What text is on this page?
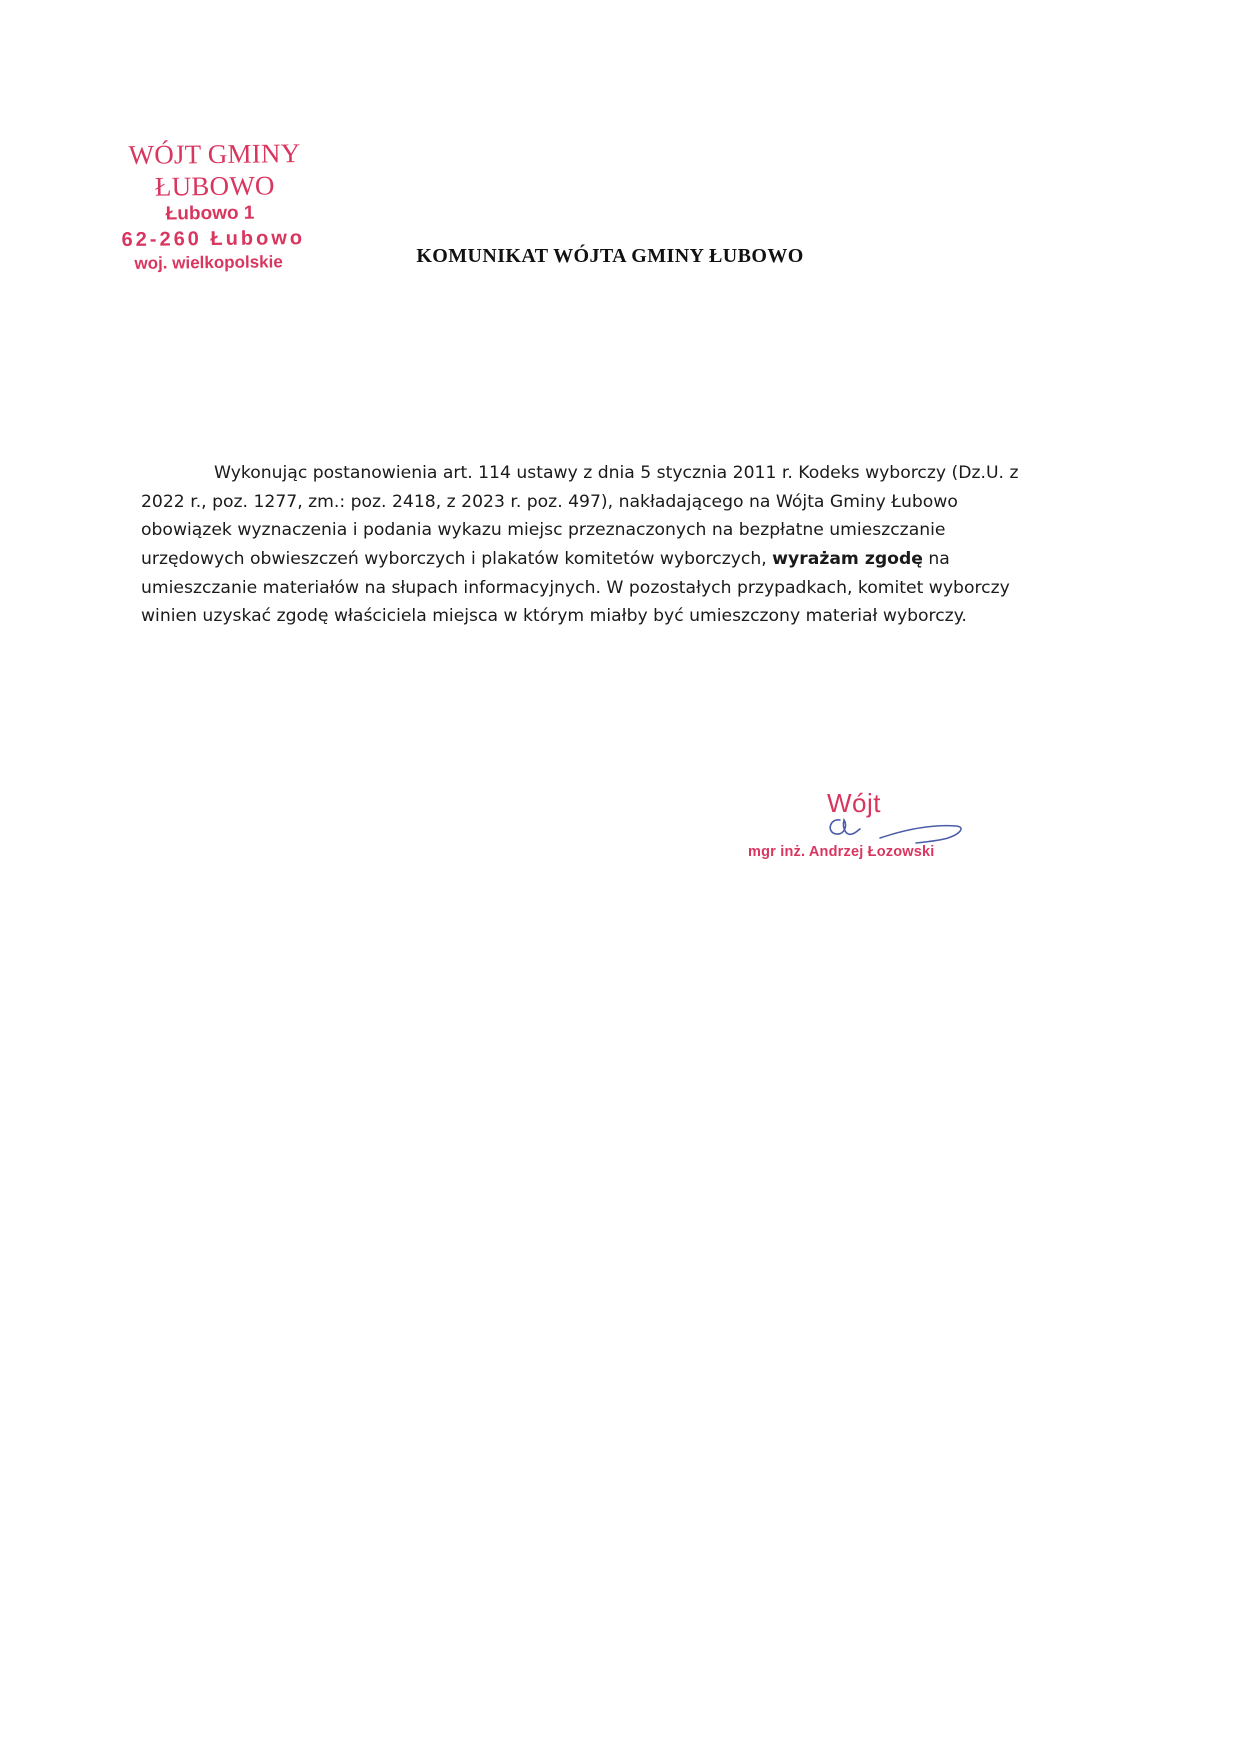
WÓJT GMINY ŁUBOWO
Łubowo 1
62-260 Łubowo
woj. wielkopolskie	KOMUNIKAT WÓJTA GMINY ŁUBOWO

Wykonując postanowienia art. 114 ustawy z dnia 5 stycznia 2011 r. Kodeks wyborczy (Dz.U. z 2022 r., poz. 1277, zm.: poz. 2418, z 2023 r. poz. 497), nakładającego na Wójta Gminy Łubowo obowiązek wyznaczenia i podania wykazu miejsc przeznaczonych na bezpłatne umieszczanie urzędowych obwieszczeń wyborczych i plakatów komitetów wyborczych, wyrażam zgodę na umieszczanie materiałów na słupach informacyjnych. W pozostałych przypadkach, komitet wyborczy winien uzyskać zgodę właściciela miejsca w którym miałby być umieszczony materiał wyborczy.

Wójt
mgr inż. Andrzej Łozowski
